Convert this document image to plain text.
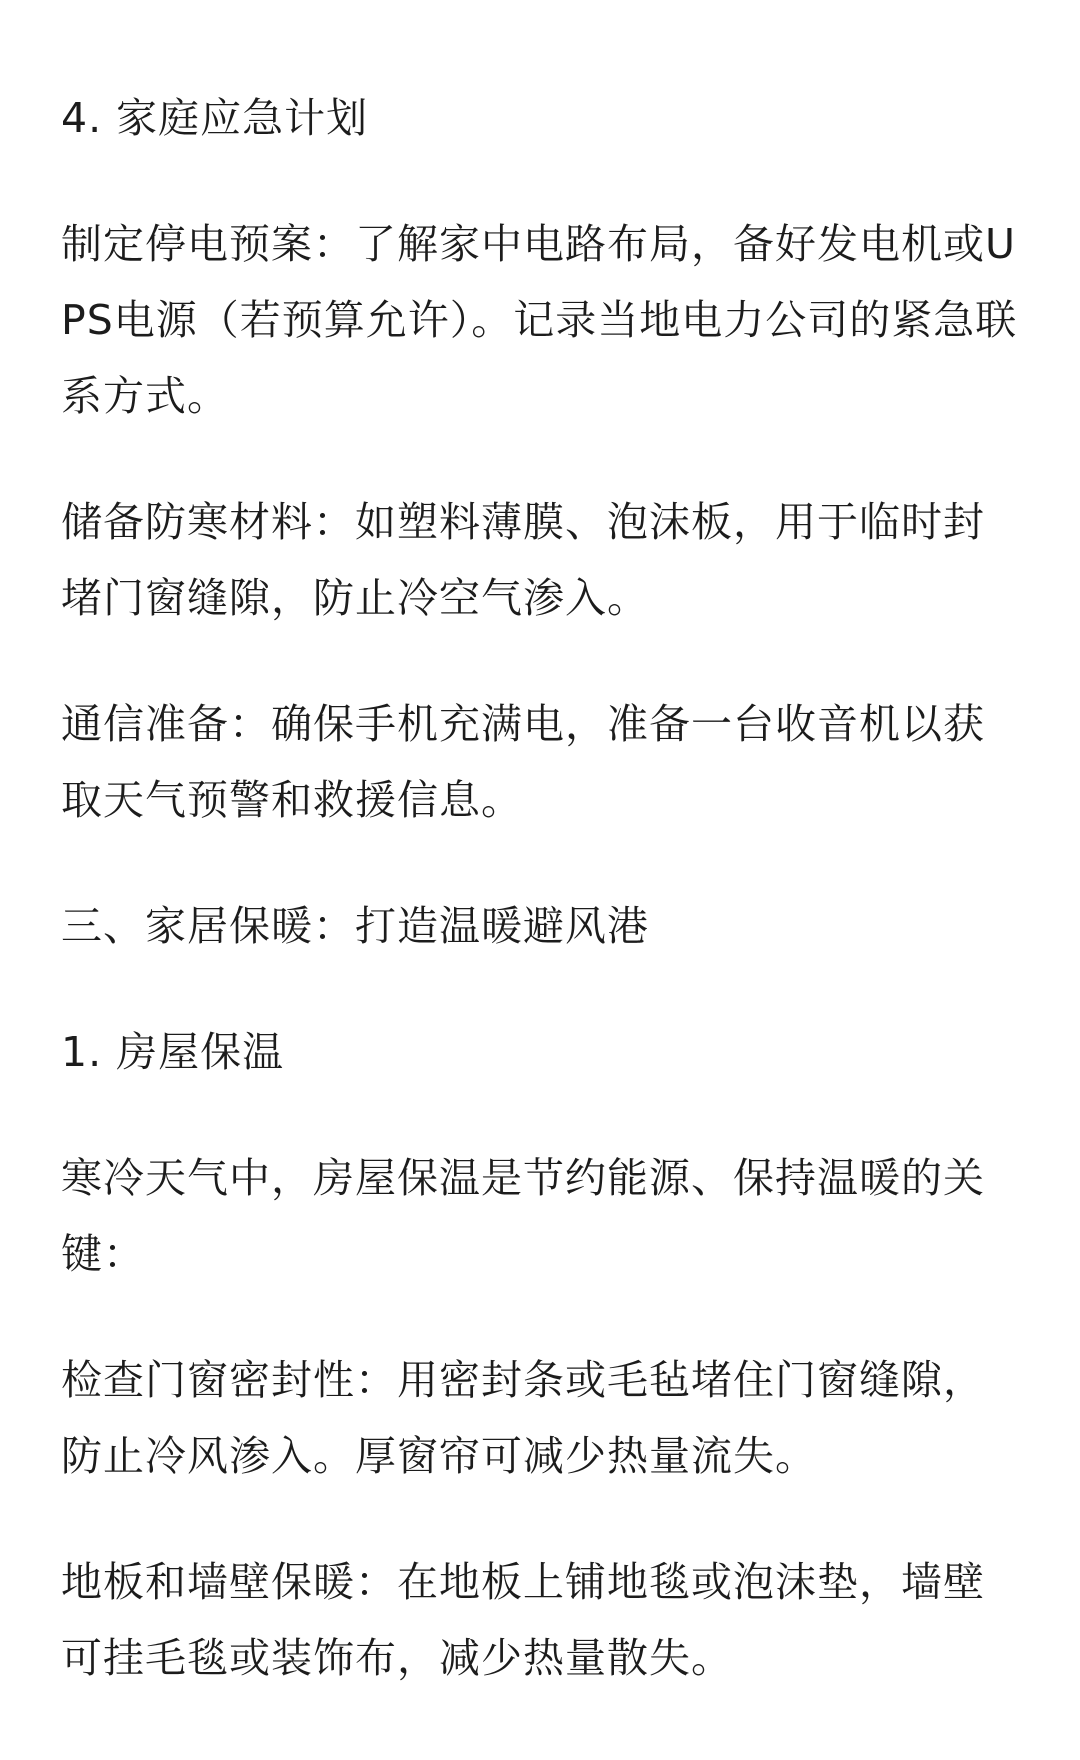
4. 家庭应急计划

制定停电预案：了解家中电路布局，备好发电机或UPS电源（若预算允许）。记录当地电力公司的紧急联系方式。

储备防寒材料：如塑料薄膜、泡沫板，用于临时封堵门窗缝隙，防止冷空气渗入。

通信准备：确保手机充满电，准备一台收音机以获取天气预警和救援信息。

三、家居保暖：打造温暖避风港

1. 房屋保温

寒冷天气中，房屋保温是节约能源、保持温暖的关键：

检查门窗密封性：用密封条或毛毡堵住门窗缝隙，防止冷风渗入。厚窗帘可减少热量流失。

地板和墙壁保暖：在地板上铺地毯或泡沫垫，墙壁可挂毛毯或装饰布，减少热量散失。
